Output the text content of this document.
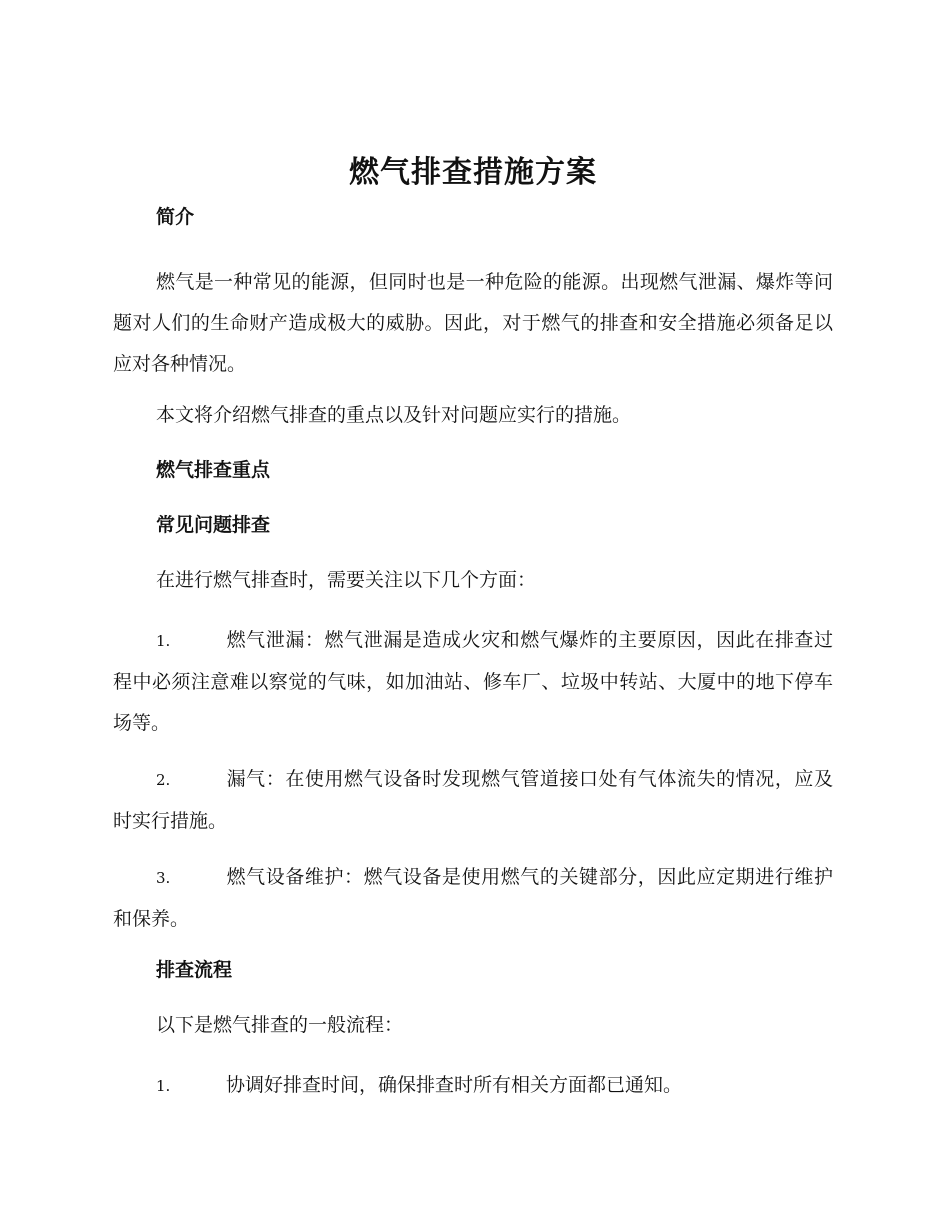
燃气排查措施方案
简介

燃气是一种常见的能源，但同时也是一种危险的能源。出现燃气泄漏、爆炸等问题对人们的生命财产造成极大的威胁。因此，对于燃气的排查和安全措施必须备足以应对各种情况。

本文将介绍燃气排查的重点以及针对问题应实行的措施。

燃气排查重点
常见问题排查

在进行燃气排查时，需要关注以下几个方面：

1.	燃气泄漏：燃气泄漏是造成火灾和燃气爆炸的主要原因，因此在排查过程中必须注意难以察觉的气味，如加油站、修车厂、垃圾中转站、大厦中的地下停车场等。
2.	漏气：在使用燃气设备时发现燃气管道接口处有气体流失的情况，应及时实行措施。
3.	燃气设备维护：燃气设备是使用燃气的关键部分，因此应定期进行维护和保养。
排查流程

以下是燃气排查的一般流程：

1.	协调好排查时间，确保排查时所有相关方面都已通知。
